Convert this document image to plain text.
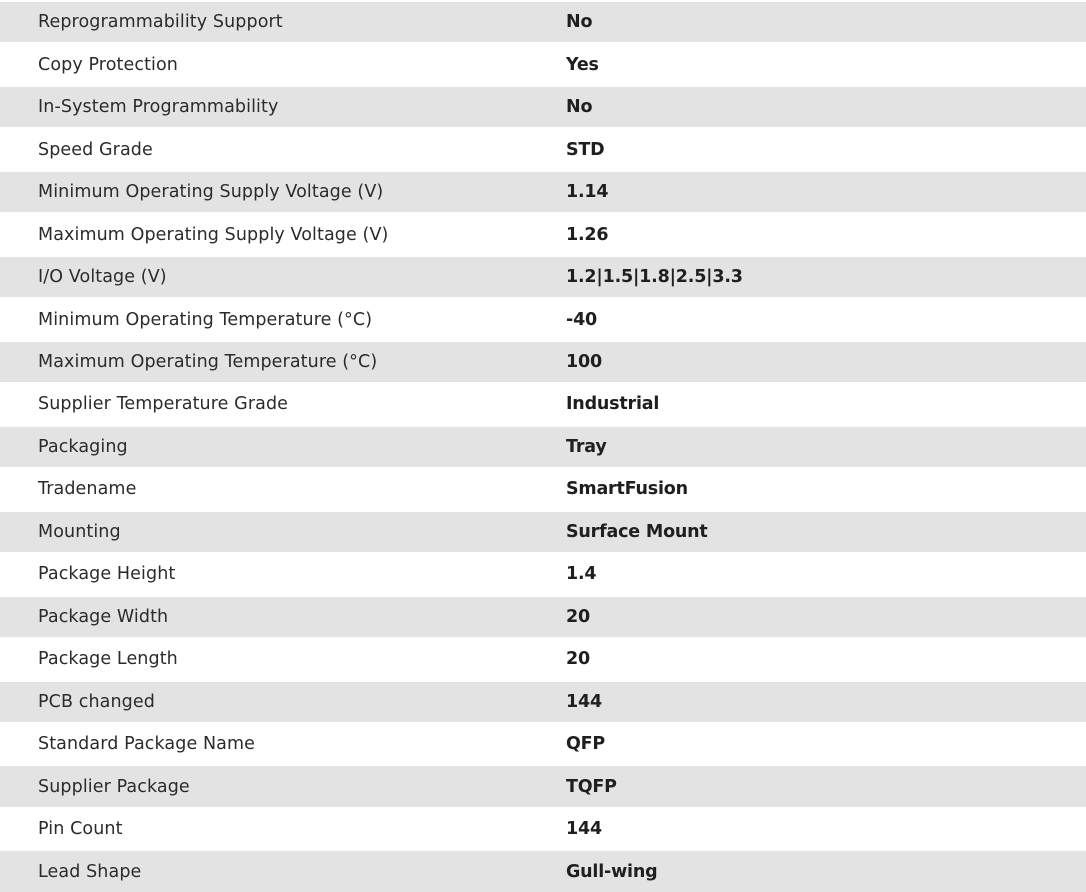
Reprogrammability Support	No
Copy Protection	Yes
In-System Programmability	No
Speed Grade	STD
Minimum Operating Supply Voltage (V)	1.14
Maximum Operating Supply Voltage (V)	1.26
I/O Voltage (V)	1.2|1.5|1.8|2.5|3.3
Minimum Operating Temperature (°C)	-40
Maximum Operating Temperature (°C)	100
Supplier Temperature Grade	Industrial
Packaging	Tray
Tradename	SmartFusion
Mounting	Surface Mount
Package Height	1.4
Package Width	20
Package Length	20
PCB changed	144
Standard Package Name	QFP
Supplier Package	TQFP
Pin Count	144
Lead Shape	Gull-wing
